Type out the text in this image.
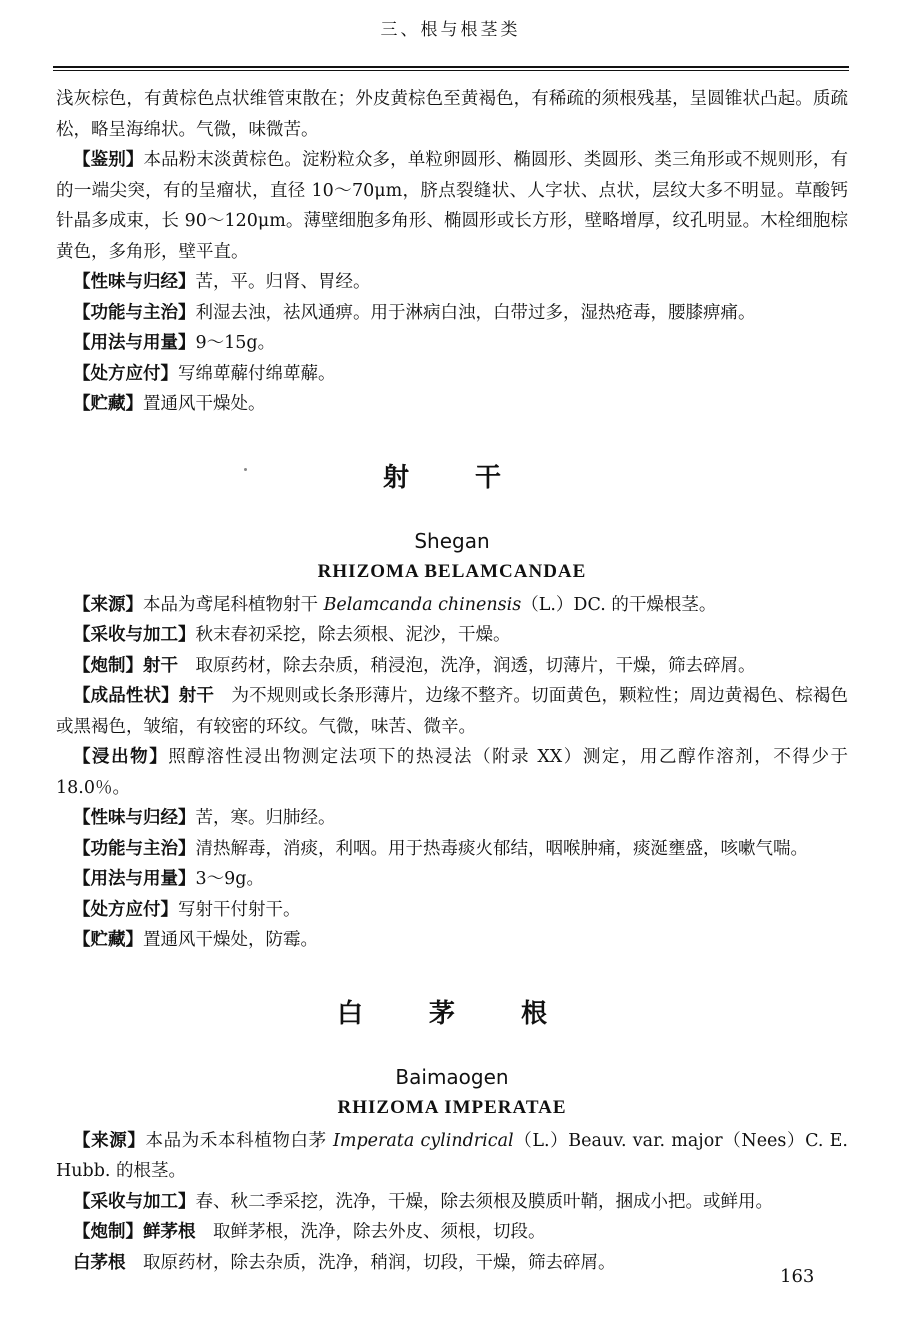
三、根与根茎类

浅灰棕色，有黄棕色点状维管束散在；外皮黄棕色至黄褐色，有稀疏的须根残基，呈圆锥状凸起。质疏松，略呈海绵状。气微，味微苦。

【鉴别】本品粉末淡黄棕色。淀粉粒众多，单粒卵圆形、椭圆形、类圆形、类三角形或不规则形，有的一端尖突，有的呈瘤状，直径 10～70μm，脐点裂缝状、人字状、点状，层纹大多不明显。草酸钙针晶多成束，长 90～120μm。薄壁细胞多角形、椭圆形或长方形，壁略增厚，纹孔明显。木栓细胞棕黄色，多角形，壁平直。

【性味与归经】苦，平。归肾、胃经。

【功能与主治】利湿去浊，祛风通痹。用于淋病白浊，白带过多，湿热疮毒，腰膝痹痛。

【用法与用量】9～15g。

【处方应付】写绵萆薢付绵萆薢。

【贮藏】置通风干燥处。

射　干
Shegan
RHIZOMA BELAMCANDAE

【来源】本品为鸢尾科植物射干 Belamcanda chinensis（L.）DC. 的干燥根茎。

【采收与加工】秋末春初采挖，除去须根、泥沙，干燥。

【炮制】射干　取原药材，除去杂质，稍浸泡，洗净，润透，切薄片，干燥，筛去碎屑。

【成品性状】射干　为不规则或长条形薄片，边缘不整齐。切面黄色，颗粒性；周边黄褐色、棕褐色或黑褐色，皱缩，有较密的环纹。气微，味苦、微辛。

【浸出物】照醇溶性浸出物测定法项下的热浸法（附录 XX）测定，用乙醇作溶剂，不得少于 18.0％。

【性味与归经】苦，寒。归肺经。

【功能与主治】清热解毒，消痰，利咽。用于热毒痰火郁结，咽喉肿痛，痰涎壅盛，咳嗽气喘。

【用法与用量】3～9g。

【处方应付】写射干付射干。

【贮藏】置通风干燥处，防霉。

白　茅　根
Baimaogen
RHIZOMA IMPERATAE

【来源】本品为禾本科植物白茅 Imperata cylindrical（L.）Beauv. var. major（Nees）C. E. Hubb. 的根茎。

【采收与加工】春、秋二季采挖，洗净，干燥，除去须根及膜质叶鞘，捆成小把。或鲜用。

【炮制】鲜茅根　取鲜茅根，洗净，除去外皮、须根，切段。

白茅根　取原药材，除去杂质，洗净，稍润，切段，干燥，筛去碎屑。

163
